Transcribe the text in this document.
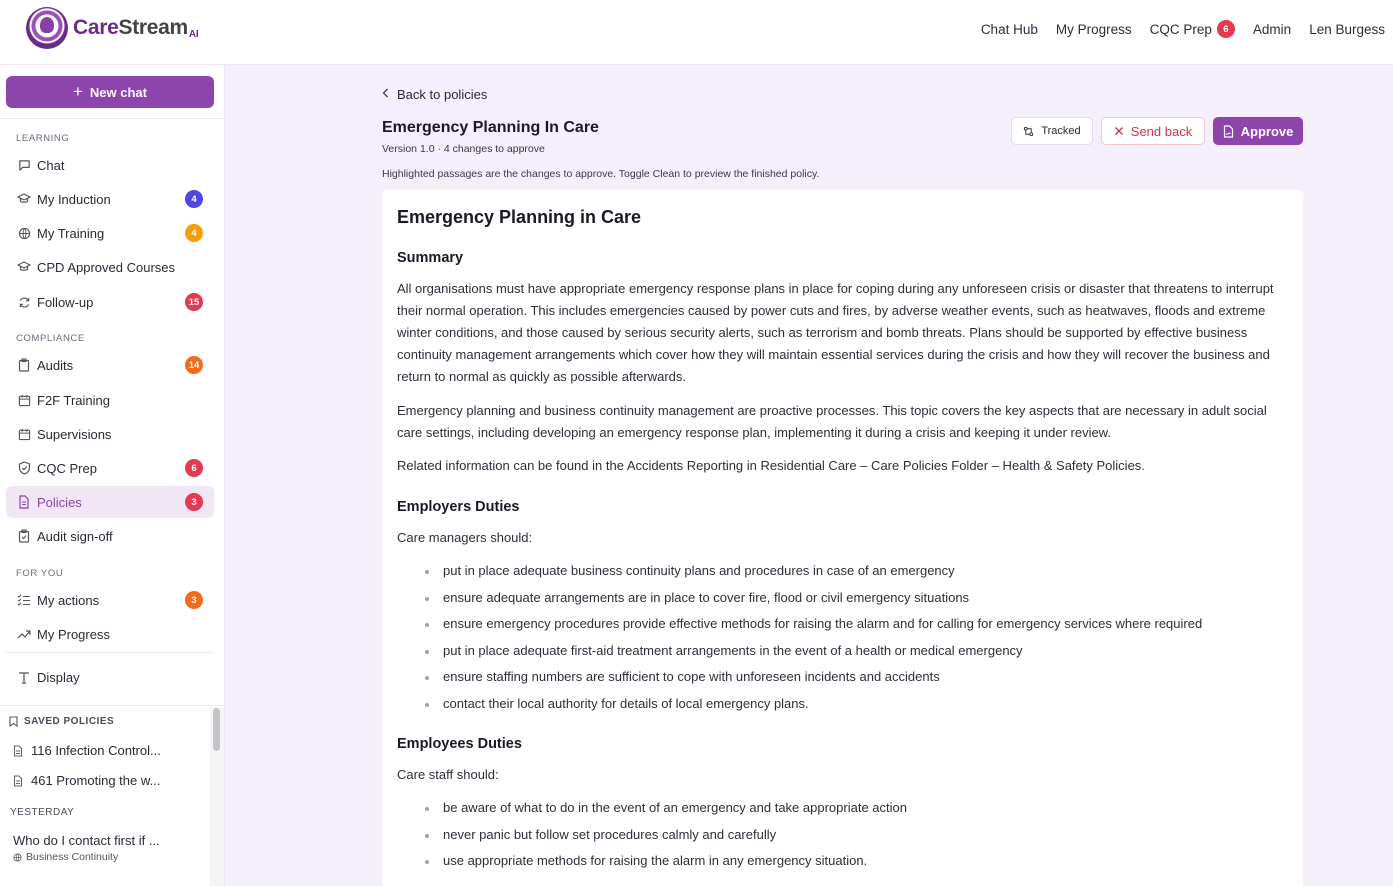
CareStreamAI	Chat Hub My Progress CQC Prep	6	Admin Len Burgess
+ New chat
LEARNING
Chat
My Induction	4
My Training	4
CPD Approved Courses
Follow-up	15
COMPLIANCE
Audits	14
F2F Training
Supervisions
CQC Prep	6
Policies	3
Audit sign-off
FOR YOU
My actions	3
My Progress
Display
SAVED POLICIES
116 Infection Control...
461 Promoting the w...
YESTERDAY
Who do I contact first if ...
Business Continuity
Back to policies
Emergency Planning In Care
Version 1.0 · 4 changes to approve
Highlighted passages are the changes to approve. Toggle Clean to preview the finished policy.
Tracked	Send back	Approve
Emergency Planning in Care
Summary
All organisations must have appropriate emergency response plans in place for coping during any unforeseen crisis or disaster that threatens to interrupt their normal operation. This includes emergencies caused by power cuts and fires, by adverse weather events, such as heatwaves, floods and extreme winter conditions, and those caused by serious security alerts, such as terrorism and bomb threats. Plans should be supported by effective business continuity management arrangements which cover how they will maintain essential services during the crisis and how they will recover the business and return to normal as quickly as possible afterwards.
Emergency planning and business continuity management are proactive processes. This topic covers the key aspects that are necessary in adult social care settings, including developing an emergency response plan, implementing it during a crisis and keeping it under review.
Related information can be found in the Accidents Reporting in Residential Care – Care Policies Folder – Health & Safety Policies.
Employers Duties
Care managers should:
put in place adequate business continuity plans and procedures in case of an emergency
ensure adequate arrangements are in place to cover fire, flood or civil emergency situations
ensure emergency procedures provide effective methods for raising the alarm and for calling for emergency services where required
put in place adequate first-aid treatment arrangements in the event of a health or medical emergency
ensure staffing numbers are sufficient to cope with unforeseen incidents and accidents
contact their local authority for details of local emergency plans.
Employees Duties
Care staff should:
be aware of what to do in the event of an emergency and take appropriate action
never panic but follow set procedures calmly and carefully
use appropriate methods for raising the alarm in any emergency situation.
